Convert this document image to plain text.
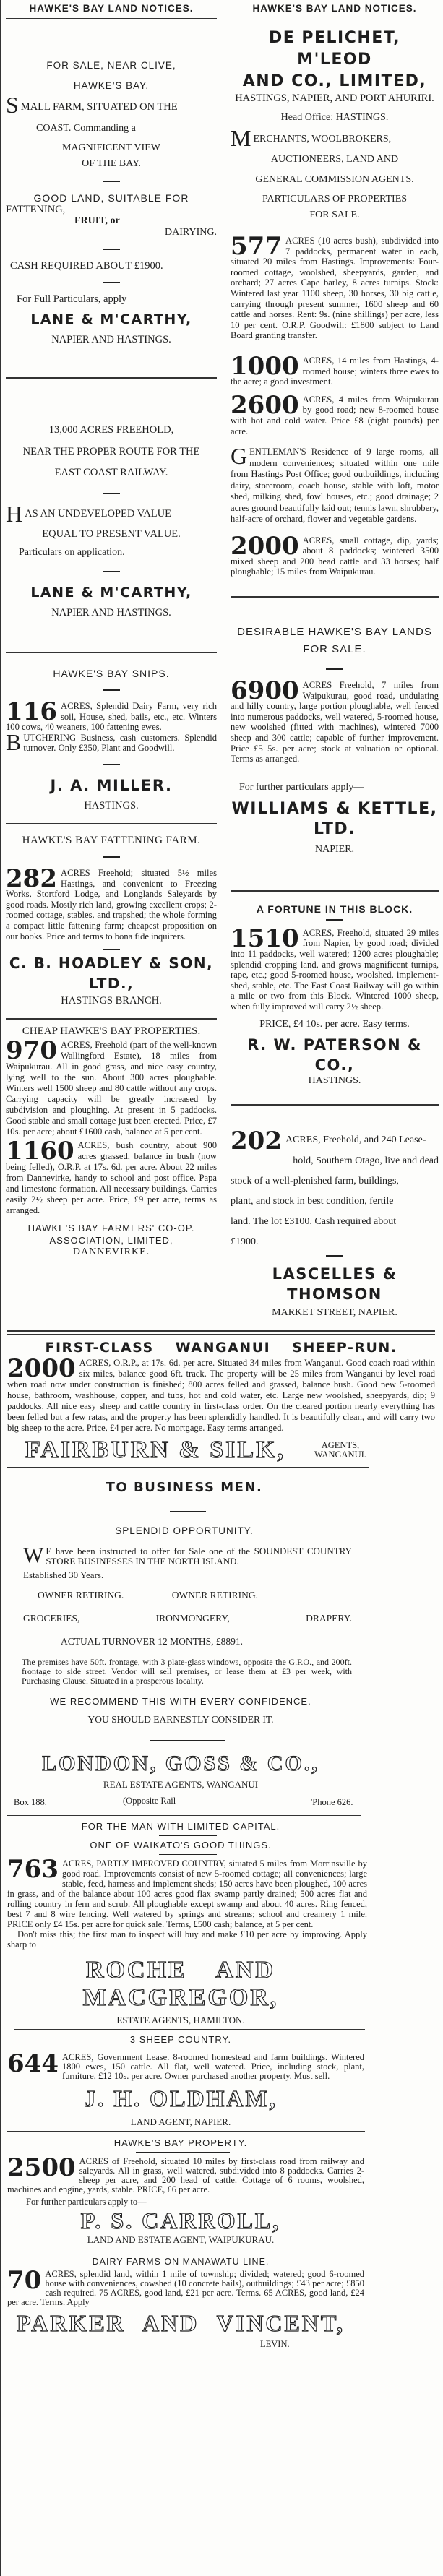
HAWKE'S BAY LAND NOTICES.
FOR SALE, NEAR CLIVE,
HAWKE'S BAY.
SMALL FARM, SITUATED ON THE
COAST. Commanding a
MAGNIFICENT VIEW
OF THE BAY.
GOOD LAND, SUITABLE FOR
FATTENING,
FRUIT, or
DAIRYING.
CASH REQUIRED ABOUT £1900.
For Full Particulars, apply
LANE & M'CARTHY,
NAPIER AND HASTINGS.
13,000 ACRES FREEHOLD,
NEAR THE PROPER ROUTE FOR THE
EAST COAST RAILWAY.
HAS AN UNDEVELOPED VALUE
EQUAL TO PRESENT VALUE.
Particulars on application.
LANE & M'CARTHY,
NAPIER AND HASTINGS.
HAWKE'S BAY SNIPS.
116 ACRES, Splendid Dairy Farm, very rich soil, House, shed, bails, etc., etc. Winters 100 cows, 40 weaners, 100 fattening ewes.
BUTCHERING Business, cash customers. Splendid turnover. Only £350, Plant and Goodwill.
J. A. MILLER.
HASTINGS.
HAWKE'S BAY FATTENING FARM.
282 ACRES Freehold; situated 5½ miles Hastings, and convenient to Freezing Works, Stortford Lodge, and Longlands Saleyards by good roads. Mostly rich land, growing excellent crops; 2-roomed cottage, stables, and trapshed; the whole forming a compact little fattening farm; cheapest proposition on our books. Price and terms to bona fide inquirers.
C. B. HOADLEY & SON,
LTD.,
HASTINGS BRANCH.
CHEAP HAWKE'S BAY PROPERTIES.
970 ACRES, Freehold (part of the well-known Wallingford Estate), 18 miles from Waipukurau. All in good grass, and nice easy country, lying well to the sun. About 300 acres ploughable. Winters well 1500 sheep and 80 cattle without any crops. Carrying capacity will be greatly increased by subdivision and ploughing. At present in 5 paddocks. Good stable and small cottage just been erected. Price, £7 10s. per acre; about £1600 cash, balance at 5 per cent.
1160 ACRES, bush country, about 900 acres grassed, balance in bush (now being felled), O.R.P. at 17s. 6d. per acre. About 22 miles from Dannevirke, handy to school and post office. Papa and limestone formation. All necessary buildings. Carries easily 2½ sheep per acre. Price, £9 per acre, terms as arranged.
HAWKE'S BAY FARMERS' CO-OP.
ASSOCIATION, LIMITED,
DANNEVIRKE.
HAWKE'S BAY LAND NOTICES.
DE PELICHET, M'LEOD
AND CO., LIMITED,
HASTINGS, NAPIER, AND PORT AHURIRI.
Head Office: HASTINGS.
MERCHANTS, WOOLBROKERS,
AUCTIONEERS, LAND AND
GENERAL COMMISSION AGENTS.
PARTICULARS OF PROPERTIES
FOR SALE.
577 ACRES (10 acres bush), subdivided into 7 paddocks, permanent water in each, situated 20 miles from Hastings. Improvements: Four-roomed cottage, woolshed, sheepyards, garden, and orchard; 27 acres Cape barley, 8 acres turnips. Stock: Wintered last year 1100 sheep, 30 horses, 30 big cattle, carrying through present summer, 1600 sheep and 60 cattle and horses. Rent: 9s. (nine shillings) per acre, less 10 per cent. O.R.P. Goodwill: £1800 subject to Land Board granting transfer.
1000 ACRES, 14 miles from Hastings, 4-roomed house; winters three ewes to the acre; a good investment.
2600 ACRES, 4 miles from Waipukurau by good road; new 8-roomed house with hot and cold water. Price £8 (eight pounds) per acre.
GENTLEMAN'S Residence of 9 large rooms, all modern conveniences; situated within one mile from Hastings Post Office; good outbuildings, including dairy, storeroom, coach house, stable with loft, motor shed, milking shed, fowl houses, etc.; good drainage; 2 acres ground beautifully laid out; tennis lawn, shrubbery, half-acre of orchard, flower and vegetable gardens.
2000 ACRES, small cottage, dip, yards; about 8 paddocks; wintered 3500 mixed sheep and 200 head cattle and 33 horses; half ploughable; 15 miles from Waipukurau.
DESIRABLE HAWKE'S BAY LANDS FOR SALE.
6900 ACRES Freehold, 7 miles from Waipukurau, good road, undulating and hilly country, large portion ploughable, well fenced into numerous paddocks, well watered, 5-roomed house, new woolshed (fitted with machines), wintered 7000 sheep and 300 cattle; capable of further improvement. Price £5 5s. per acre; stock at valuation or optional. Terms as arranged.
For further particulars apply—
WILLIAMS & KETTLE,
LTD.
NAPIER.
A FORTUNE IN THIS BLOCK.
1510 ACRES, Freehold, situated 29 miles from Napier, by good road; divided into 11 paddocks, well watered; 1200 acres ploughable; splendid cropping land, and grows magnificent turnips, rape, etc.; good 5-roomed house, woolshed, implement-shed, stable, etc. The East Coast Railway will go within a mile or two from this Block. Wintered 1000 sheep, when fully improved will carry 2½ sheep.
PRICE, £4 10s. per acre. Easy terms.
R. W. PATERSON & CO.,
HASTINGS.
202 ACRES, Freehold, and 240 Lease-
hold, Southern Otago, live and dead
stock of a well-plenished farm, buildings,
plant, and stock in best condition, fertile
land. The lot £3100. Cash required about
£1900.
LASCELLES & THOMSON
MARKET STREET, NAPIER.
FIRST-CLASS WANGANUI SHEEP-RUN.
2000 ACRES, O.R.P., at 17s. 6d. per acre. Situated 34 miles from Wanganui. Good coach road within six miles, balance good 6ft. track. The property will be 25 miles from Wanganui by level road when road now under construction is finished; 800 acres felled and grassed, balance bush. Good new 5-roomed house, bathroom, washhouse, copper, and tubs, hot and cold water, etc. Large new woolshed, sheepyards, dip; 9 paddocks. All nice easy sheep and cattle country in first-class order. On the cleared portion nearly everything has been felled but a few ratas, and the property has been splendidly handled. It is beautifully clean, and will carry two big sheep to the acre. Price, £4 per acre. No mortgage. Easy terms arranged.
FAIRBURN & SILK,	AGENTS,
WANGANUI.
TO BUSINESS MEN.
SPLENDID OPPORTUNITY.
W E have been instructed to offer for Sale one of the SOUNDEST COUNTRY STORE BUSINESSES IN THE NORTH ISLAND.
Established 30 Years.
OWNER RETIRING.	OWNER RETIRING.
GROCERIES,	IRONMONGERY,	DRAPERY.
ACTUAL TURNOVER 12 MONTHS, £8891.
The premises have 50ft. frontage, with 3 plate-glass windows, opposite the G.P.O., and 200ft. frontage to side street. Vendor will sell premises, or lease them at £3 per week, with Purchasing Clause. Situated in a prosperous locality.
WE RECOMMEND THIS WITH EVERY CONFIDENCE.
YOU SHOULD EARNESTLY CONSIDER IT.
LONDON, GOSS & CO.,
REAL ESTATE AGENTS, WANGANUI
Box 188.	(Opposite Rail	'Phone 626.
FOR THE MAN WITH LIMITED CAPITAL.
ONE OF WAIKATO'S GOOD THINGS.
763 ACRES, PARTLY IMPROVED COUNTRY, situated 5 miles from Morrinsville by good road. Improvements consist of new 5-roomed cottage; all conveniences; large stable, feed, harness and implement sheds; 150 acres have been ploughed, 100 acres in grass, and of the balance about 100 acres good flax swamp partly drained; 500 acres flat and rolling country in fern and scrub. All ploughable except swamp and about 40 acres. Ring fenced, best 7 and 8 wire fencing. Well watered by springs and streams; school and creamery 1 mile. PRICE only £4 15s. per acre for quick sale. Terms, £500 cash; balance, at 5 per cent.
Don't miss this; the first man to inspect will buy and make £10 per acre by improving. Apply sharp to
ROCHE AND MACGREGOR,
ESTATE AGENTS, HAMILTON.
3 SHEEP COUNTRY.
644 ACRES, Government Lease. 8-roomed homestead and farm buildings. Wintered 1800 ewes, 150 cattle. All flat, well watered. Price, including stock, plant, furniture, £12 10s. per acre. Owner purchased another property. Must sell.
J. H. OLDHAM,
LAND AGENT, NAPIER.
HAWKE'S BAY PROPERTY.
2500 ACRES of Freehold, situated 10 miles by first-class road from railway and saleyards. All in grass, well watered, subdivided into 8 paddocks. Carries 2-sheep per acre, and 200 head of cattle. Cottage of 6 rooms, woolshed, machines and engine, yards, stable. PRICE, £6 per acre.
For further particulars apply to—
P. S. CARROLL,
LAND AND ESTATE AGENT, WAIPUKURAU.
DAIRY FARMS ON MANAWATU LINE.
70 ACRES, splendid land, within 1 mile of township; divided; watered; good 6-roomed house with conveniences, cowshed (10 concrete bails), outbuildings; £43 per acre; £850 cash required. 75 ACRES, good land, £21 per acre. Terms. 65 ACRES, good land, £24 per acre. Terms. Apply
PARKER AND VINCENT,
LEVIN.
